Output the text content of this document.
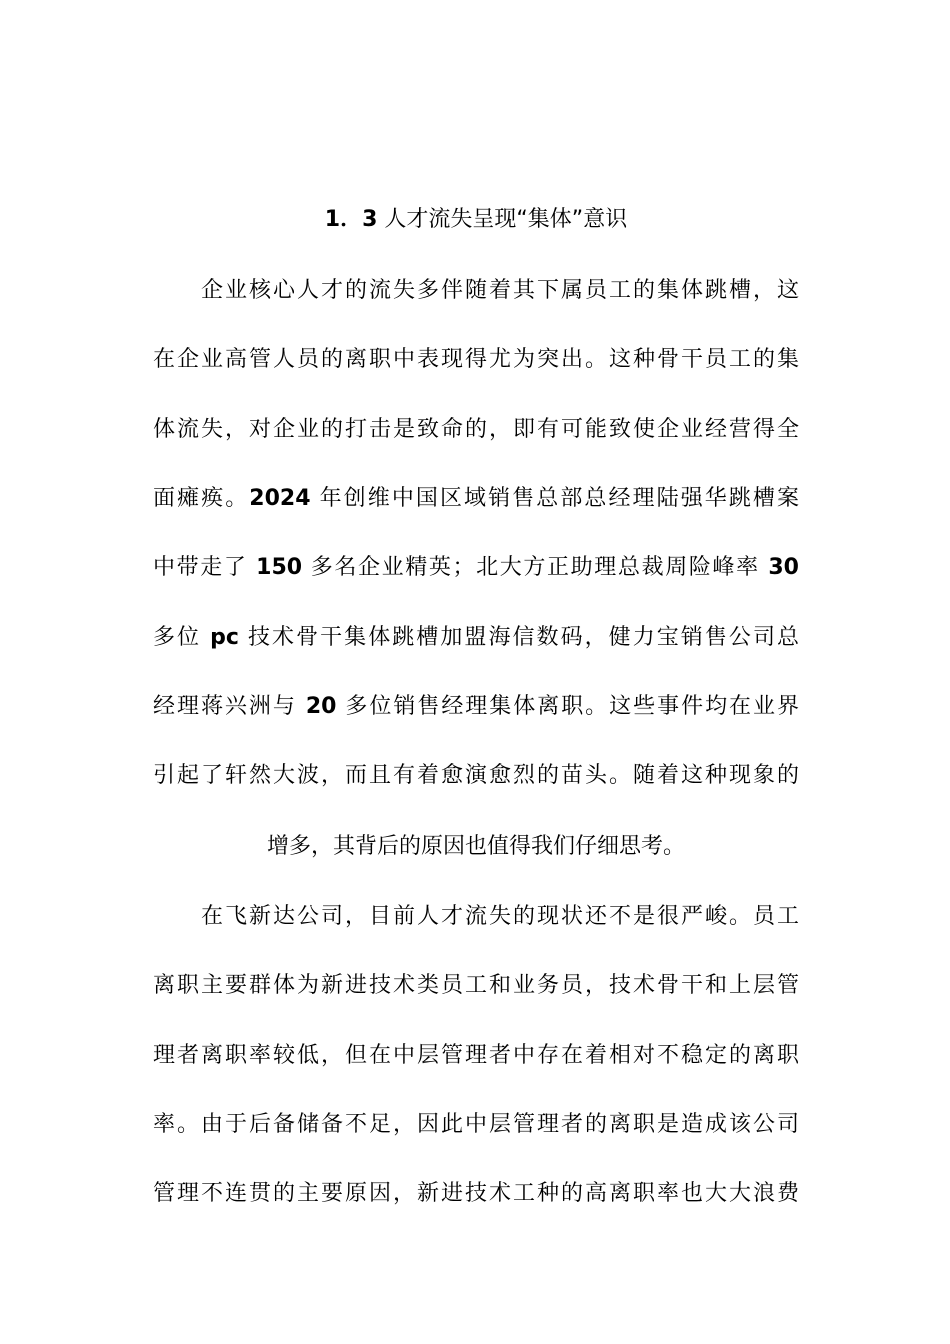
1．3 人才流失呈现“集体”意识
企业核心人才的流失多伴随着其下属员工的集体跳槽，这
在企业高管人员的离职中表现得尤为突出。这种骨干员工的集
体流失，对企业的打击是致命的，即有可能致使企业经营得全
面瘫痪。2024 年创维中国区域销售总部总经理陆强华跳槽案
中带走了 150 多名企业精英；北大方正助理总裁周险峰率 30
多位 pc 技术骨干集体跳槽加盟海信数码，健力宝销售公司总
经理蒋兴洲与 20 多位销售经理集体离职。这些事件均在业界
引起了轩然大波，而且有着愈演愈烈的苗头。随着这种现象的
增多，其背后的原因也值得我们仔细思考。
在飞新达公司，目前人才流失的现状还不是很严峻。员工
离职主要群体为新进技术类员工和业务员，技术骨干和上层管
理者离职率较低，但在中层管理者中存在着相对不稳定的离职
率。由于后备储备不足，因此中层管理者的离职是造成该公司
管理不连贯的主要原因，新进技术工种的高离职率也大大浪费
